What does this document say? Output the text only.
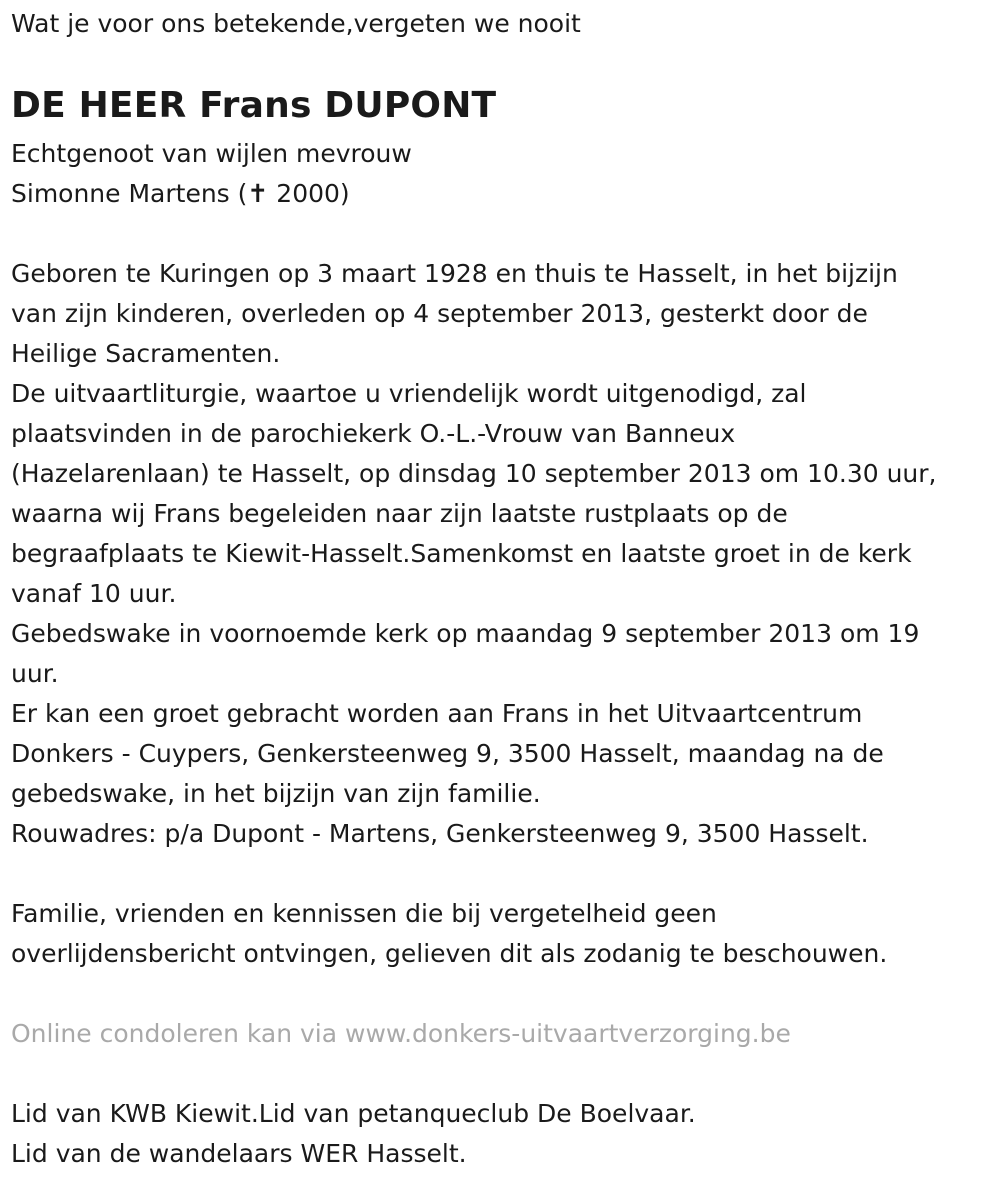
Wat je voor ons betekende,vergeten we nooit

DE HEER Frans DUPONT

Echtgenoot van wijlen mevrouw

Simonne Martens (✝ 2000)

Geboren te Kuringen op 3 maart 1928 en thuis te Hasselt, in het bijzijn

van zijn kinderen, overleden op 4 september 2013, gesterkt door de

Heilige Sacramenten.

De uitvaartliturgie, waartoe u vriendelijk wordt uitgenodigd, zal

plaatsvinden in de parochiekerk O.-L.-Vrouw van Banneux

(Hazelarenlaan) te Hasselt, op dinsdag 10 september 2013 om 10.30 uur,

waarna wij Frans begeleiden naar zijn laatste rustplaats op de

begraafplaats te Kiewit-Hasselt.Samenkomst en laatste groet in de kerk

vanaf 10 uur.

Gebedswake in voornoemde kerk op maandag 9 september 2013 om 19

uur.

Er kan een groet gebracht worden aan Frans in het Uitvaartcentrum

Donkers - Cuypers, Genkersteenweg 9, 3500 Hasselt, maandag na de

gebedswake, in het bijzijn van zijn familie.

Rouwadres: p/a Dupont - Martens, Genkersteenweg 9, 3500 Hasselt.

Familie, vrienden en kennissen die bij vergetelheid geen

overlijdensbericht ontvingen, gelieven dit als zodanig te beschouwen.

Online condoleren kan via www.donkers-uitvaartverzorging.be

Lid van KWB Kiewit.Lid van petanqueclub De Boelvaar.

Lid van de wandelaars WER Hasselt.
